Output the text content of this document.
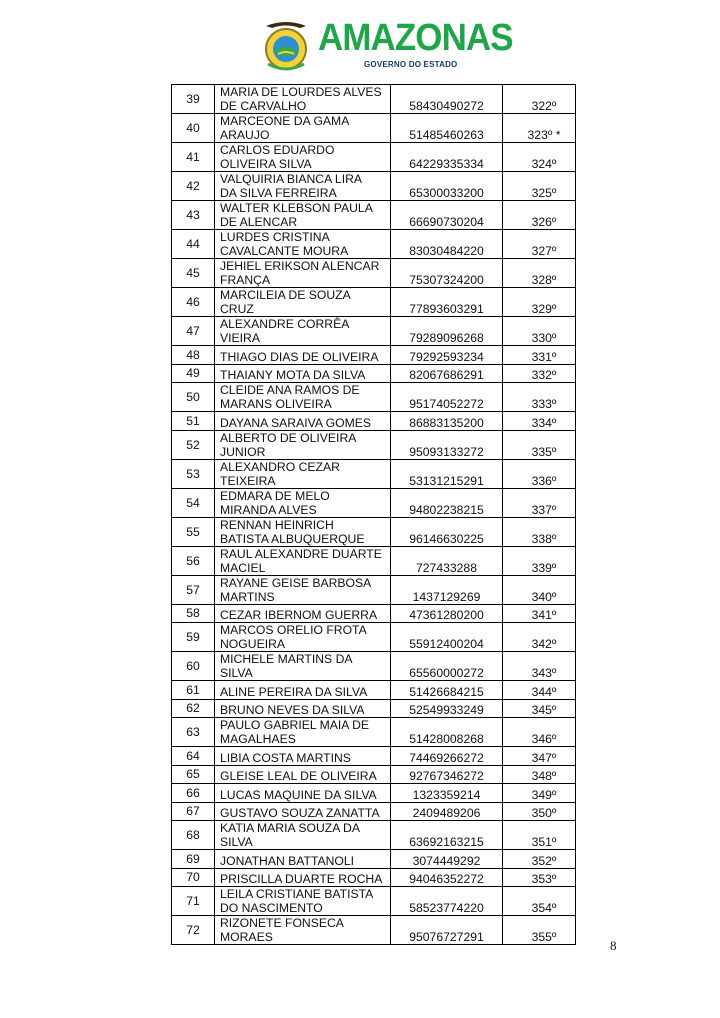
AMAZONAS
GOVERNO DO ESTADO
39	MARIA DE LOURDES ALVES
DE CARVALHO	58430490272	322º
40	MARCEONE DA GAMA
ARAUJO	51485460263	323º *
41	CARLOS EDUARDO
OLIVEIRA SILVA	64229335334	324º
42	VALQUIRIA BIANCA LIRA
DA SILVA FERREIRA	65300033200	325º
43	WALTER KLEBSON PAULA
DE ALENCAR	66690730204	326º
44	LURDES CRISTINA
CAVALCANTE MOURA	83030484220	327º
45	JEHIEL ERIKSON ALENCAR
FRANÇA	75307324200	328º
46	MARCILEIA DE SOUZA
CRUZ	77893603291	329º
47	ALEXANDRE CORRÊA
VIEIRA	79289096268	330º
48	THIAGO DIAS DE OLIVEIRA	79292593234	331º
49	THAIANY MOTA DA SILVA	82067686291	332º
50	CLEIDE ANA RAMOS DE
MARANS OLIVEIRA	95174052272	333º
51	DAYANA SARAIVA GOMES	86883135200	334º
52	ALBERTO DE OLIVEIRA
JUNIOR	95093133272	335º
53	ALEXANDRO CEZAR
TEIXEIRA	53131215291	336º
54	EDMARA DE MELO
MIRANDA ALVES	94802238215	337º
55	RENNAN HEINRICH
BATISTA ALBUQUERQUE	96146630225	338º
56	RAUL ALEXANDRE DUARTE
MACIEL	727433288	339º
57	RAYANE GEISE BARBOSA
MARTINS	1437129269	340º
58	CEZAR IBERNOM GUERRA	47361280200	341º
59	MARCOS ORELIO FROTA
NOGUEIRA	55912400204	342º
60	MICHELE MARTINS DA
SILVA	65560000272	343º
61	ALINE PEREIRA DA SILVA	51426684215	344º
62	BRUNO NEVES DA SILVA	52549933249	345º
63	PAULO GABRIEL MAIA DE
MAGALHAES	51428008268	346º
64	LIBIA COSTA MARTINS	74469266272	347º
65	GLEISE LEAL DE OLIVEIRA	92767346272	348º
66	LUCAS MAQUINE DA SILVA	1323359214	349º
67	GUSTAVO SOUZA ZANATTA	2409489206	350º
68	KATIA MARIA SOUZA DA
SILVA	63692163215	351º
69	JONATHAN BATTANOLI	3074449292	352º
70	PRISCILLA DUARTE ROCHA	94046352272	353º
71	LEILA CRISTIANE BATISTA
DO NASCIMENTO	58523774220	354º
72	RIZONETE FONSECA
MORAES	95076727291	355º
8
